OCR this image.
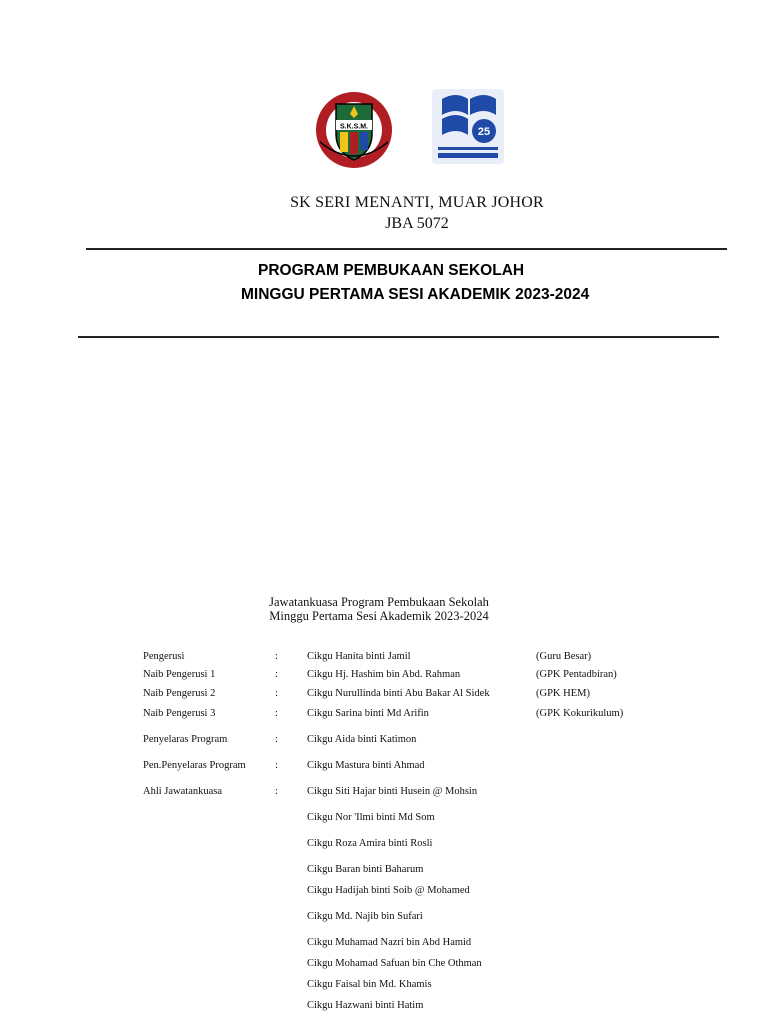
S.K.S.M.	25
SK SERI MENANTI, MUAR JOHOR
JBA 5072
PROGRAM PEMBUKAAN SEKOLAH
MINGGU PERTAMA SESI AKADEMIK 2023-2024
Jawatankuasa Program Pembukaan Sekolah
Minggu Pertama Sesi Akademik 2023-2024
Pengerusi	:	Cikgu Hanita binti Jamil	(Guru Besar)
Naib Pengerusi 1	:	Cikgu Hj. Hashim bin Abd. Rahman	(GPK Pentadbiran)
Naib Pengerusi 2	:	Cikgu Nurullinda binti Abu Bakar Al Sidek	(GPK HEM)
Naib Pengerusi 3	:	Cikgu Sarina binti Md Arifin	(GPK Kokurikulum)
Penyelaras Program	:	Cikgu Aida binti Katimon
Pen.Penyelaras Program	:	Cikgu Mastura binti Ahmad
Ahli Jawatankuasa	:	Cikgu Siti Hajar binti Husein @ Mohsin
Cikgu Nor 'Ilmi binti Md Som
Cikgu Roza Amira binti Rosli
Cikgu Baran binti Baharum
Cikgu Hadijah binti Soib @ Mohamed
Cikgu Md. Najib bin Sufari
Cikgu Muhamad Nazri bin Abd Hamid
Cikgu Mohamad Safuan bin Che Othman
Cikgu Faisal bin Md. Khamis
Cikgu Hazwani binti Hatim
